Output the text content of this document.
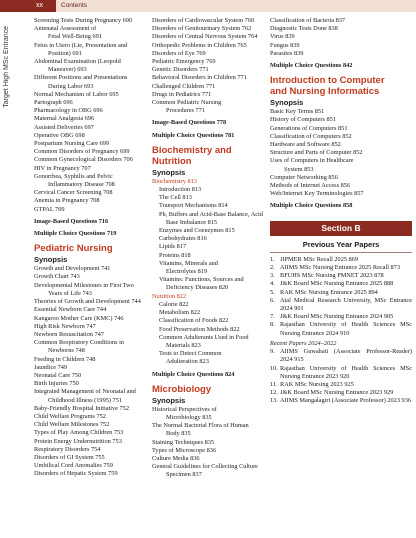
xx	Contents
Target High MSc Entrance
Screening Tests During Pregnancy 690
Antenatal Assessment of
Fetal Well-Being 691
Fetus in Utero (Lie, Presentation and
Position) 691
Abdominal Examination (Leopold
Maneuver) 693
Different Positions and Presentations
During Labor 693
Normal Mechanism of Labor 695
Partograph 696
Pharmacology in OBG 696
Maternal Analgesia 696
Assisted Deliveries 697
Operative OBG 698
Postpartum Nursing Care 699
Common Disorders of Pregnancy 699
Common Gynecological Disorders 706
HIV in Pregnancy 707
Gonorrhea, Syphilis and Pelvic
Inflammatory Disease 708
Cervical Cancer Screening 708
Anemia in Pregnancy 708
GTPAL 709
Image-Based Questions 716
Multiple Choice Questions 719
Pediatric Nursing
Synopsis
Growth and Development 741
Growth Chart 743
Developmental Milestones in First Two
Years of Life 743
Theories of Growth and Development 744
Essential Newborn Care 744
Kangaroo Mother Care (KMC) 746
High Risk Newborn 747
Newborn Resuscitation 747
Common Respiratory Conditions in
Newborns 748
Feeding in Children 748
Jaundice 749
Neonatal Care 750
Birth Injuries 750
Integrated Management of Neonatal and
Childhood Illness (1995) 751
Baby-Friendly Hospital Initiative 752
Child Welfare Programs 752
Child Welfare Milestones 752
Types of Play Among Children 753
Protein Energy Undernutrition 753
Respiratory Disorders 754
Disorders of GI System 755
Umbilical Cord Anomalies 759
Disorders of Hepatic System 759
Disorders of Cardiovascular System 760
Disorders of Genitourinary System 762
Disorders of Central Nervous System 764
Orthopedic Problems in Children 765
Disorders of Eye 769
Pediatric Emergency 769
Genetic Disorders 771
Behavioral Disorders in Children 771
Challenged Children 771
Drugs in Pediatrics 771
Common Pediatric Nursing
Procedures 771
Image-Based Questions 778
Multiple Choice Questions 781
Biochemistry and
Nutrition
Synopsis
Biochemistry 813
Introduction 813
The Cell 813
Transport Mechanisms 814
Ph, Buffers and Acid-Base Balance, Acid
Base Imbalance 815
Enzymes and Coenzymes 815
Carbohydrates 816
Lipids 817
Proteins 818
Vitamins, Minerals and
Electrolytes 819
Vitamins: Functions, Sources and
Deficiency Diseases 820
Nutrition 822
Calorie 822
Metabolism 822
Classification of Foods 822
Food Preservation Methods 822
Common Adulterants Used in Food
Materials 823
Tests to Detect Common
Adulteration 823
Multiple Choice Questions 824
Microbiology
Synopsis
Historical Perspectives of
Microbiology 835
The Normal Bacterial Flora of Human
Body 835
Staining Techniques 835
Types of Microscope 836
Culture Media 836
General Guidelines for Collecting Culture
Specimen 837
Classification of Bacteria 837
Diagnostic Tests Done 838
Virus 839
Fungus 839
Parasites 839
Multiple Choice Questions 842
Introduction to Computer
and Nursing Informatics
Synopsis
Basic Key Terms 851
History of Computers 851
Generations of Computers 851
Classification of Computers 852
Hardware and Software 852
Structure and Parts of Computer 852
Uses of Computers in Healthcare
System 853
Computer Networking 856
Methods of Internet Access 856
Web/Internet Key Terminologies 857
Multiple Choice Questions 858
Section B
Previous Year Papers
1. JIPMER MSc Recall 2025 869
2. AIIMS MSc Nursing Entrance 2025 Recall 873
3. BFUHS MSc Nursing PMNET 2023 878
4. J&K Board MSc Nursing Entrance 2025 888
5. RAK MSc Nursing Entrance 2025 894
6. Atal Medical Research University, MSc Entrance 2024 901
7. J&K Board MSc Nursing Entrance 2024 905
8. Rajasthan University of Health Sciences MSc Nursing Entrance 2024 910
Recent Papers 2024–2022
9. AIIMS Guwahati (Associate Professor-Reader) 2024 915
10. Rajasthan University of Health Sciences MSc Nursing Entrance 2023 920
11. RAK MSc Nursing 2023 925
12. J&K Board MSc Nursing Entrance 2023 929
13. AIIMS Mangalagiri (Associate Professor) 2023 936
